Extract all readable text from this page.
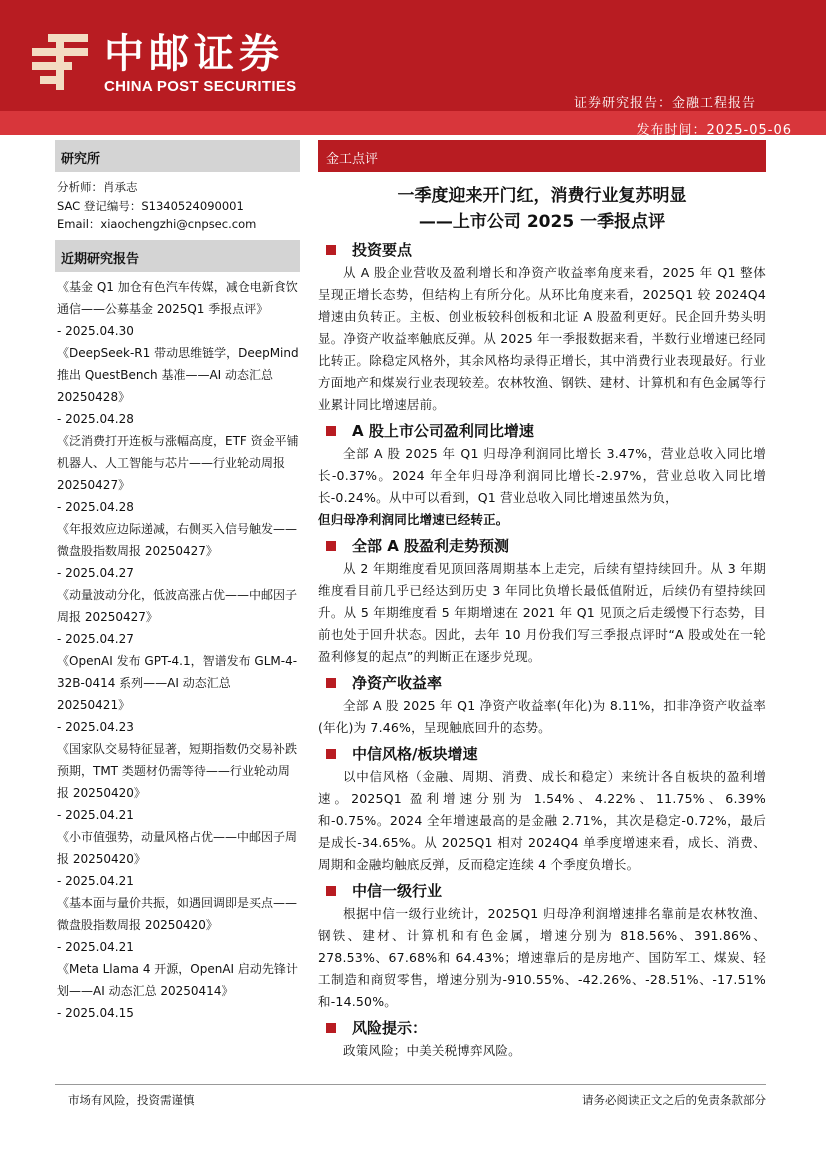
中邮证券
CHINA POST SECURITIES
证券研究报告：金融工程报告
发布时间：2025-05-06
研究所
分析师：肖承志
SAC 登记编号：S1340524090001
Email：xiaochengzhi@cnpsec.com
近期研究报告
《基金 Q1 加仓有色汽车传媒，减仓电新食饮通信——公募基金 2025Q1 季报点评》
- 2025.04.30
《DeepSeek-R1 带动思维链学，DeepMind 推出 QuestBench 基准——AI 动态汇总 20250428》
- 2025.04.28
《泛消费打开连板与涨幅高度，ETF 资金平铺机器人、人工智能与芯片——行业轮动周报 20250427》
- 2025.04.28
《年报效应边际递减，右侧买入信号触发——微盘股指数周报 20250427》
- 2025.04.27
《动量波动分化，低波高涨占优——中邮因子周报 20250427》
- 2025.04.27
《OpenAI 发布 GPT-4.1，智谱发布 GLM-4-32B-0414 系列——AI 动态汇总 20250421》
- 2025.04.23
《国家队交易特征显著，短期指数仍交易补跌预期，TMT 类题材仍需等待——行业轮动周报 20250420》
- 2025.04.21
《小市值强势，动量风格占优——中邮因子周报 20250420》
- 2025.04.21
《基本面与量价共振，如遇回调即是买点——微盘股指数周报 20250420》
- 2025.04.21
《Meta Llama 4 开源，OpenAI 启动先锋计划——AI 动态汇总 20250414》
- 2025.04.15
金工点评
一季度迎来开门红，消费行业复苏明显
——上市公司 2025 一季报点评
投资要点
从 A 股企业营收及盈利增长和净资产收益率角度来看，2025 年 Q1 整体呈现正增长态势，但结构上有所分化。从环比角度来看，2025Q1 较 2024Q4 增速由负转正。主板、创业板较科创板和北证 A 股盈利更好。民企回升势头明显。净资产收益率触底反弹。从 2025 年一季报数据来看，半数行业增速已经同比转正。除稳定风格外，其余风格均录得正增长，其中消费行业表现最好。行业方面地产和煤炭行业表现较差。农林牧渔、钢铁、建材、计算机和有色金属等行业累计同比增速居前。
A 股上市公司盈利同比增速
全部 A 股 2025 年 Q1 归母净利润同比增长 3.47%，营业总收入同比增长-0.37%。2024 年全年归母净利润同比增长-2.97%，营业总收入同比增长-0.24%。从中可以看到，Q1 营业总收入同比增速虽然为负，
但归母净利润同比增速已经转正。
全部 A 股盈利走势预测
从 2 年期维度看见顶回落周期基本上走完，后续有望持续回升。从 3 年期维度看目前几乎已经达到历史 3 年同比负增长最低值附近，后续仍有望持续回升。从 5 年期维度看 5 年期增速在 2021 年 Q1 见顶之后走缓慢下行态势，目前也处于回升状态。因此，去年 10 月份我们写三季报点评时“A 股或处在一轮盈利修复的起点”的判断正在逐步兑现。
净资产收益率
全部 A 股 2025 年 Q1 净资产收益率(年化)为 8.11%，扣非净资产收益率(年化)为 7.46%，呈现触底回升的态势。
中信风格/板块增速
以中信风格（金融、周期、消费、成长和稳定）来统计各自板块的盈利增速。2025Q1 盈利增速分别为 1.54%、4.22%、11.75%、6.39%和-0.75%。2024 全年增速最高的是金融 2.71%，其次是稳定-0.72%，最后是成长-34.65%。从 2025Q1 相对 2024Q4 单季度增速来看，成长、消费、周期和金融均触底反弹，反而稳定连续 4 个季度负增长。
中信一级行业
根据中信一级行业统计，2025Q1 归母净利润增速排名靠前是农林牧渔、钢铁、建材、计算机和有色金属，增速分别为 818.56%、391.86%、278.53%、67.68%和 64.43%；增速靠后的是房地产、国防军工、煤炭、轻工制造和商贸零售，增速分别为-910.55%、-42.26%、-28.51%、-17.51%和-14.50%。
风险提示：
政策风险；中美关税博弈风险。
市场有风险，投资需谨慎	请务必阅读正文之后的免责条款部分
